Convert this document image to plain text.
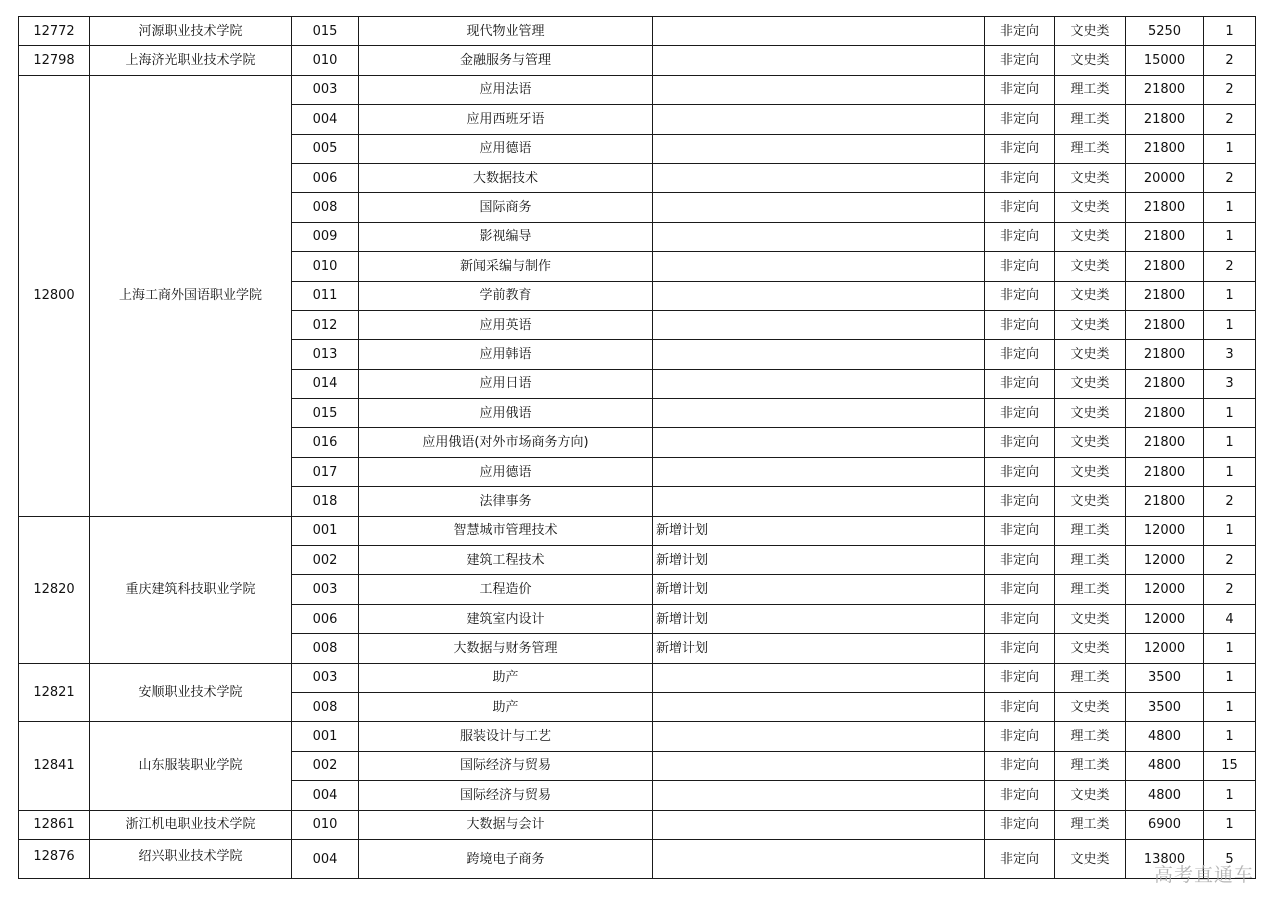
12772	河源职业技术学院	015	现代物业管理		非定向	文史类	5250	1
12798	上海济光职业技术学院	010	金融服务与管理		非定向	文史类	15000	2
12800	上海工商外国语职业学院	003	应用法语		非定向	理工类	21800	2
		004	应用西班牙语		非定向	理工类	21800	2
		005	应用德语		非定向	理工类	21800	1
		006	大数据技术		非定向	文史类	20000	2
		008	国际商务		非定向	文史类	21800	1
		009	影视编导		非定向	文史类	21800	1
		010	新闻采编与制作		非定向	文史类	21800	2
		011	学前教育		非定向	文史类	21800	1
		012	应用英语		非定向	文史类	21800	1
		013	应用韩语		非定向	文史类	21800	3
		014	应用日语		非定向	文史类	21800	3
		015	应用俄语		非定向	文史类	21800	1
		016	应用俄语(对外市场商务方向)		非定向	文史类	21800	1
		017	应用德语		非定向	文史类	21800	1
		018	法律事务		非定向	文史类	21800	2
12820	重庆建筑科技职业学院	001	智慧城市管理技术	新增计划	非定向	理工类	12000	1
		002	建筑工程技术	新增计划	非定向	理工类	12000	2
		003	工程造价	新增计划	非定向	理工类	12000	2
		006	建筑室内设计	新增计划	非定向	文史类	12000	4
		008	大数据与财务管理	新增计划	非定向	文史类	12000	1
12821	安顺职业技术学院	003	助产		非定向	理工类	3500	1
		008	助产		非定向	文史类	3500	1
12841	山东服装职业学院	001	服装设计与工艺		非定向	理工类	4800	1
		002	国际经济与贸易		非定向	理工类	4800	15
		004	国际经济与贸易		非定向	文史类	4800	1
12861	浙江机电职业技术学院	010	大数据与会计		非定向	理工类	6900	1
12876	绍兴职业技术学院	004	跨境电子商务		非定向	文史类	13800	5
高考直通车
